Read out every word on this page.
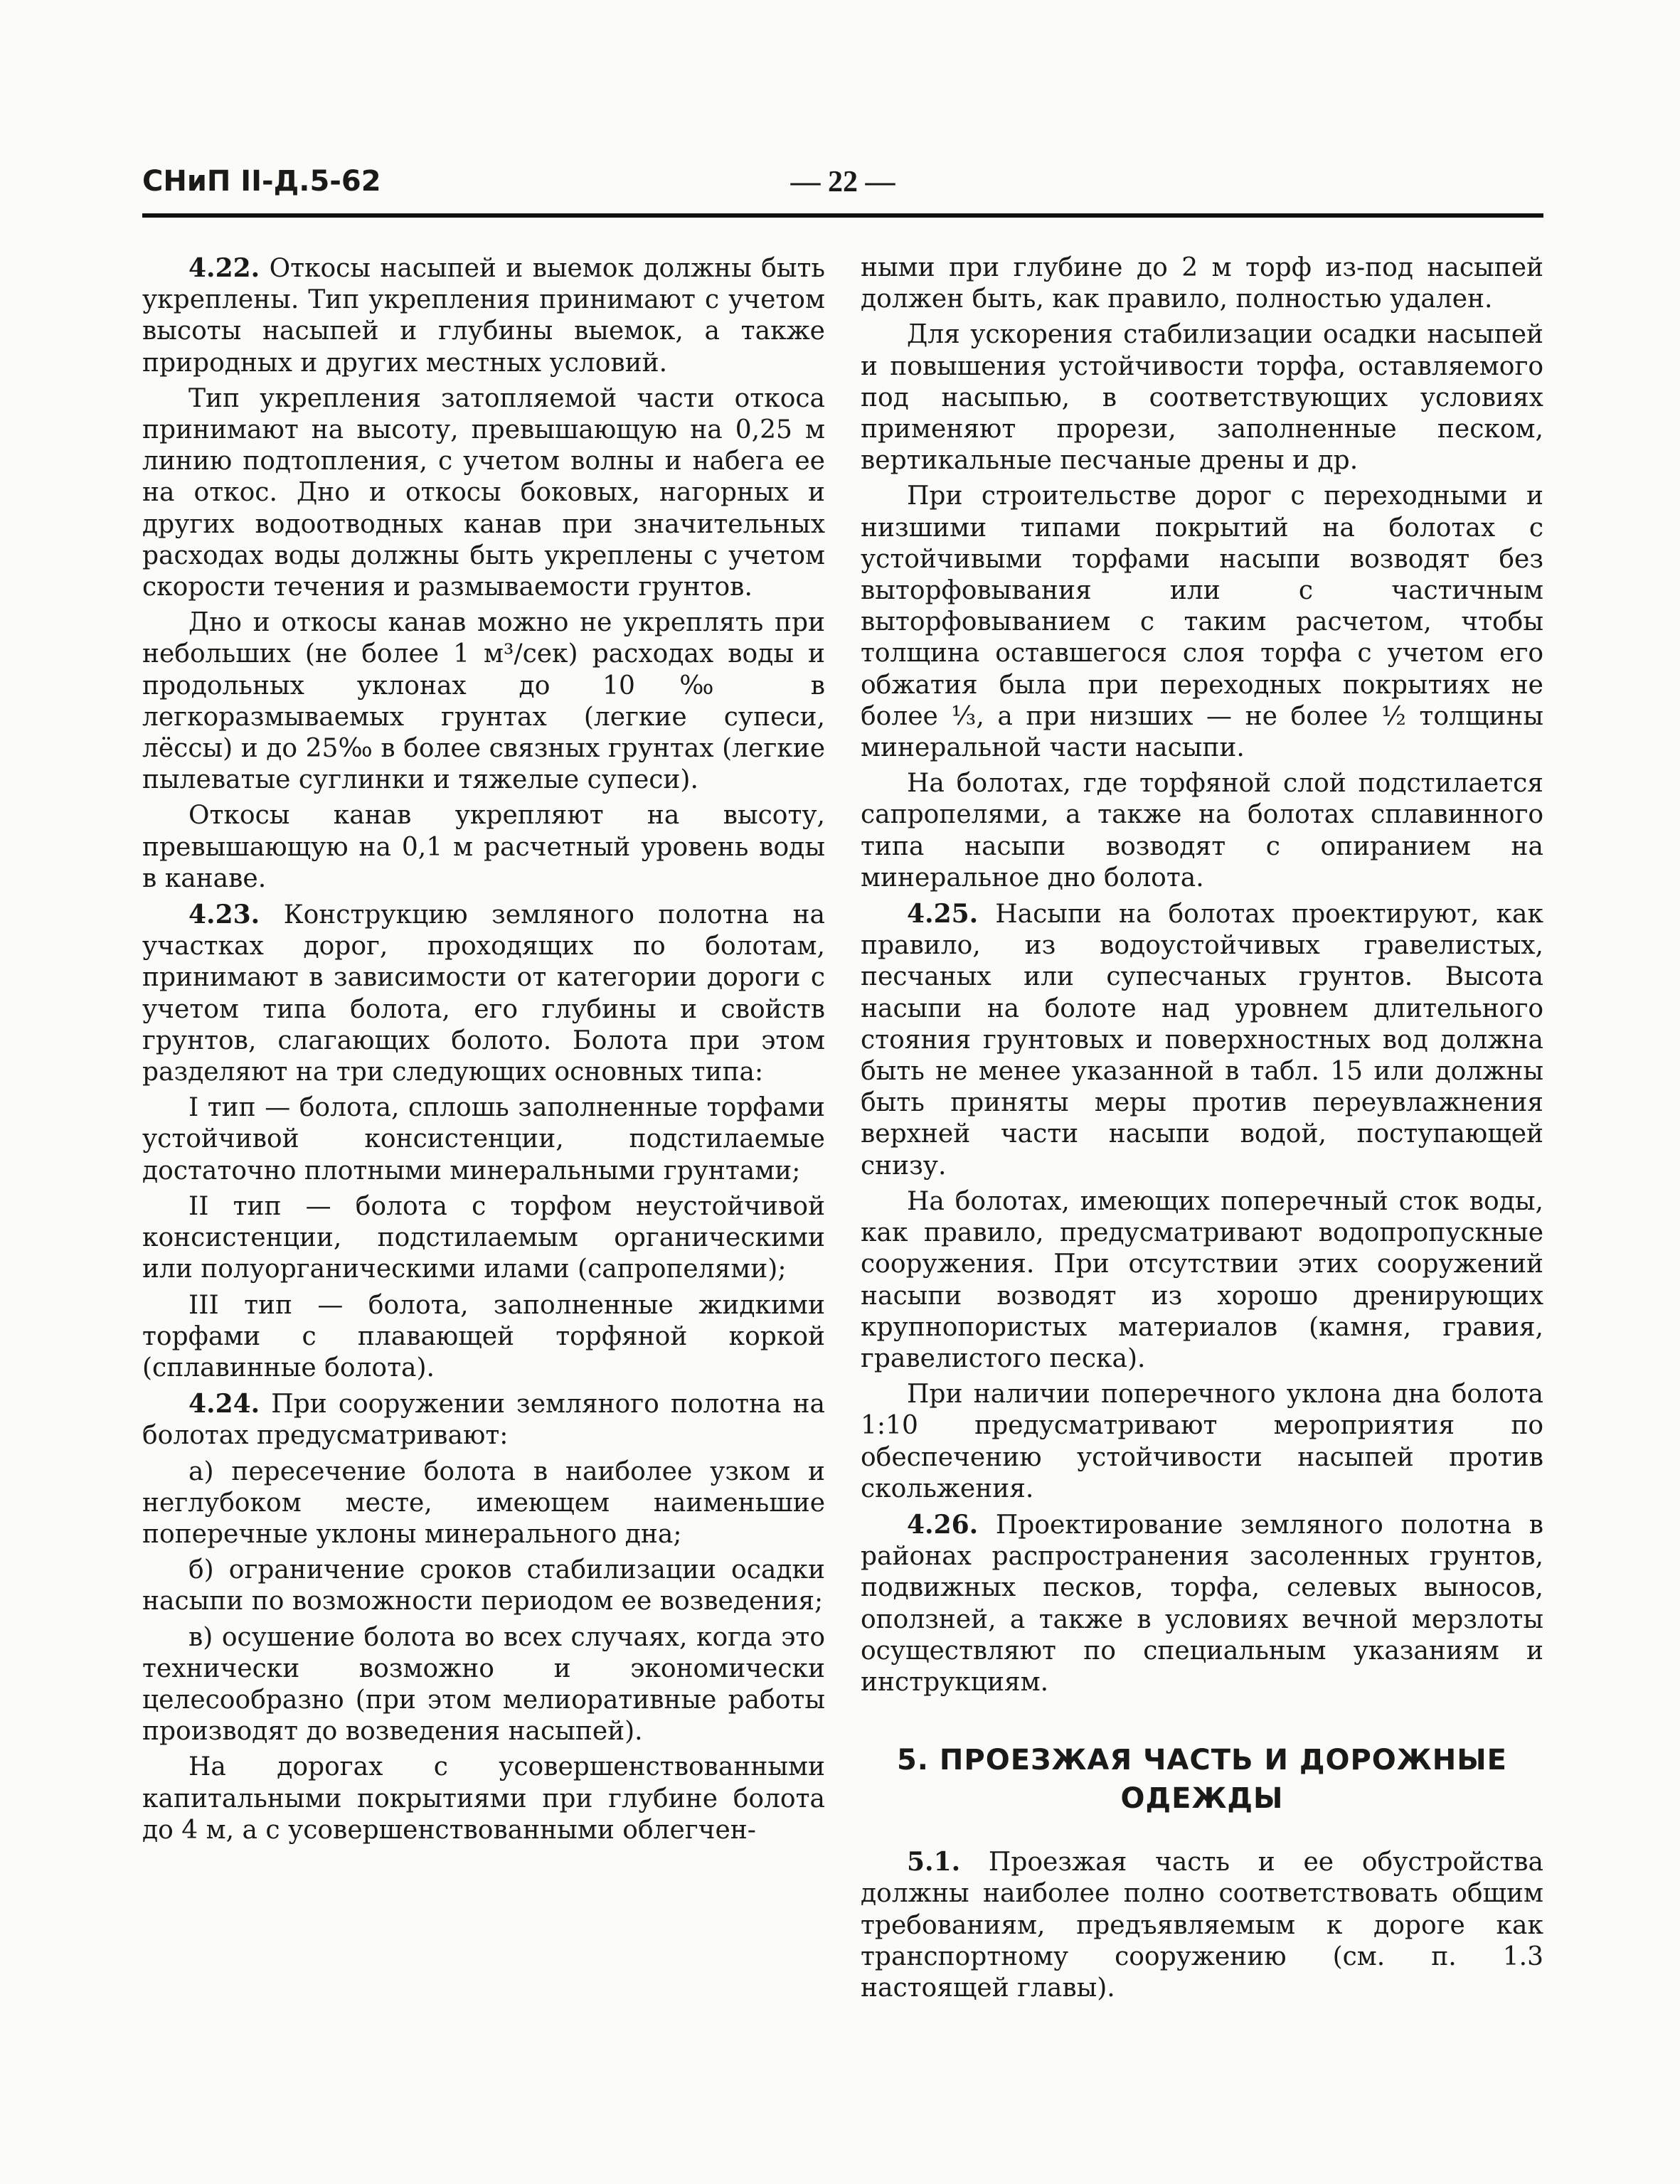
СНиП II-Д.5-62	— 22 —

4.22. Откосы насыпей и выемок должны быть укреплены. Тип укрепления принимают с учетом высоты насыпей и глубины выемок, а также природных и других местных условий.

Тип укрепления затопляемой части откоса принимают на высоту, превышающую на 0,25 м линию подтопления, с учетом волны и набега ее на откос. Дно и откосы боковых, нагорных и других водоотводных канав при значительных расходах воды должны быть укреплены с учетом скорости течения и размываемости грунтов.

Дно и откосы канав можно не укреплять при небольших (не более 1 м³/сек) расходах воды и продольных уклонах до 10‰ в легкоразмываемых грунтах (легкие супеси, лёссы) и до 25‰ в более связных грунтах (легкие пылеватые суглинки и тяжелые супеси).

Откосы канав укрепляют на высоту, превышающую на 0,1 м расчетный уровень воды в канаве.

4.23. Конструкцию земляного полотна на участках дорог, проходящих по болотам, принимают в зависимости от категории дороги с учетом типа болота, его глубины и свойств грунтов, слагающих болото. Болота при этом разделяют на три следующих основных типа:

I тип — болота, сплошь заполненные торфами устойчивой консистенции, подстилаемые достаточно плотными минеральными грунтами;

II тип — болота с торфом неустойчивой консистенции, подстилаемым органическими или полуорганическими илами (сапропелями);

III тип — болота, заполненные жидкими торфами с плавающей торфяной коркой (сплавинные болота).

4.24. При сооружении земляного полотна на болотах предусматривают:

а) пересечение болота в наиболее узком и неглубоком месте, имеющем наименьшие поперечные уклоны минерального дна;

б) ограничение сроков стабилизации осадки насыпи по возможности периодом ее возведения;

в) осушение болота во всех случаях, когда это технически возможно и экономически целесообразно (при этом мелиоративные работы производят до возведения насыпей).

На дорогах с усовершенствованными капитальными покрытиями при глубине болота до 4 м, а с усовершенствованными облегчен-

ными при глубине до 2 м торф из-под насыпей должен быть, как правило, полностью удален.

Для ускорения стабилизации осадки насыпей и повышения устойчивости торфа, оставляемого под насыпью, в соответствующих условиях применяют прорези, заполненные песком, вертикальные песчаные дрены и др.

При строительстве дорог с переходными и низшими типами покрытий на болотах с устойчивыми торфами насыпи возводят без выторфовывания или с частичным выторфовыванием с таким расчетом, чтобы толщина оставшегося слоя торфа с учетом его обжатия была при переходных покрытиях не более ⅓, а при низших — не более ½ толщины минеральной части насыпи.

На болотах, где торфяной слой подстилается сапропелями, а также на болотах сплавинного типа насыпи возводят с опиранием на минеральное дно болота.

4.25. Насыпи на болотах проектируют, как правило, из водоустойчивых гравелистых, песчаных или супесчаных грунтов. Высота насыпи на болоте над уровнем длительного стояния грунтовых и поверхностных вод должна быть не менее указанной в табл. 15 или должны быть приняты меры против переувлажнения верхней части насыпи водой, поступающей снизу.

На болотах, имеющих поперечный сток воды, как правило, предусматривают водопропускные сооружения. При отсутствии этих сооружений насыпи возводят из хорошо дренирующих крупнопористых материалов (камня, гравия, гравелистого песка).

При наличии поперечного уклона дна болота 1:10 предусматривают мероприятия по обеспечению устойчивости насыпей против скольжения.

4.26. Проектирование земляного полотна в районах распространения засоленных грунтов, подвижных песков, торфа, селевых выносов, оползней, а также в условиях вечной мерзлоты осуществляют по специальным указаниям и инструкциям.

5. ПРОЕЗЖАЯ ЧАСТЬ И ДОРОЖНЫЕ ОДЕЖДЫ

5.1. Проезжая часть и ее обустройства должны наиболее полно соответствовать общим требованиям, предъявляемым к дороге как транспортному сооружению (см. п. 1.3 настоящей главы).
